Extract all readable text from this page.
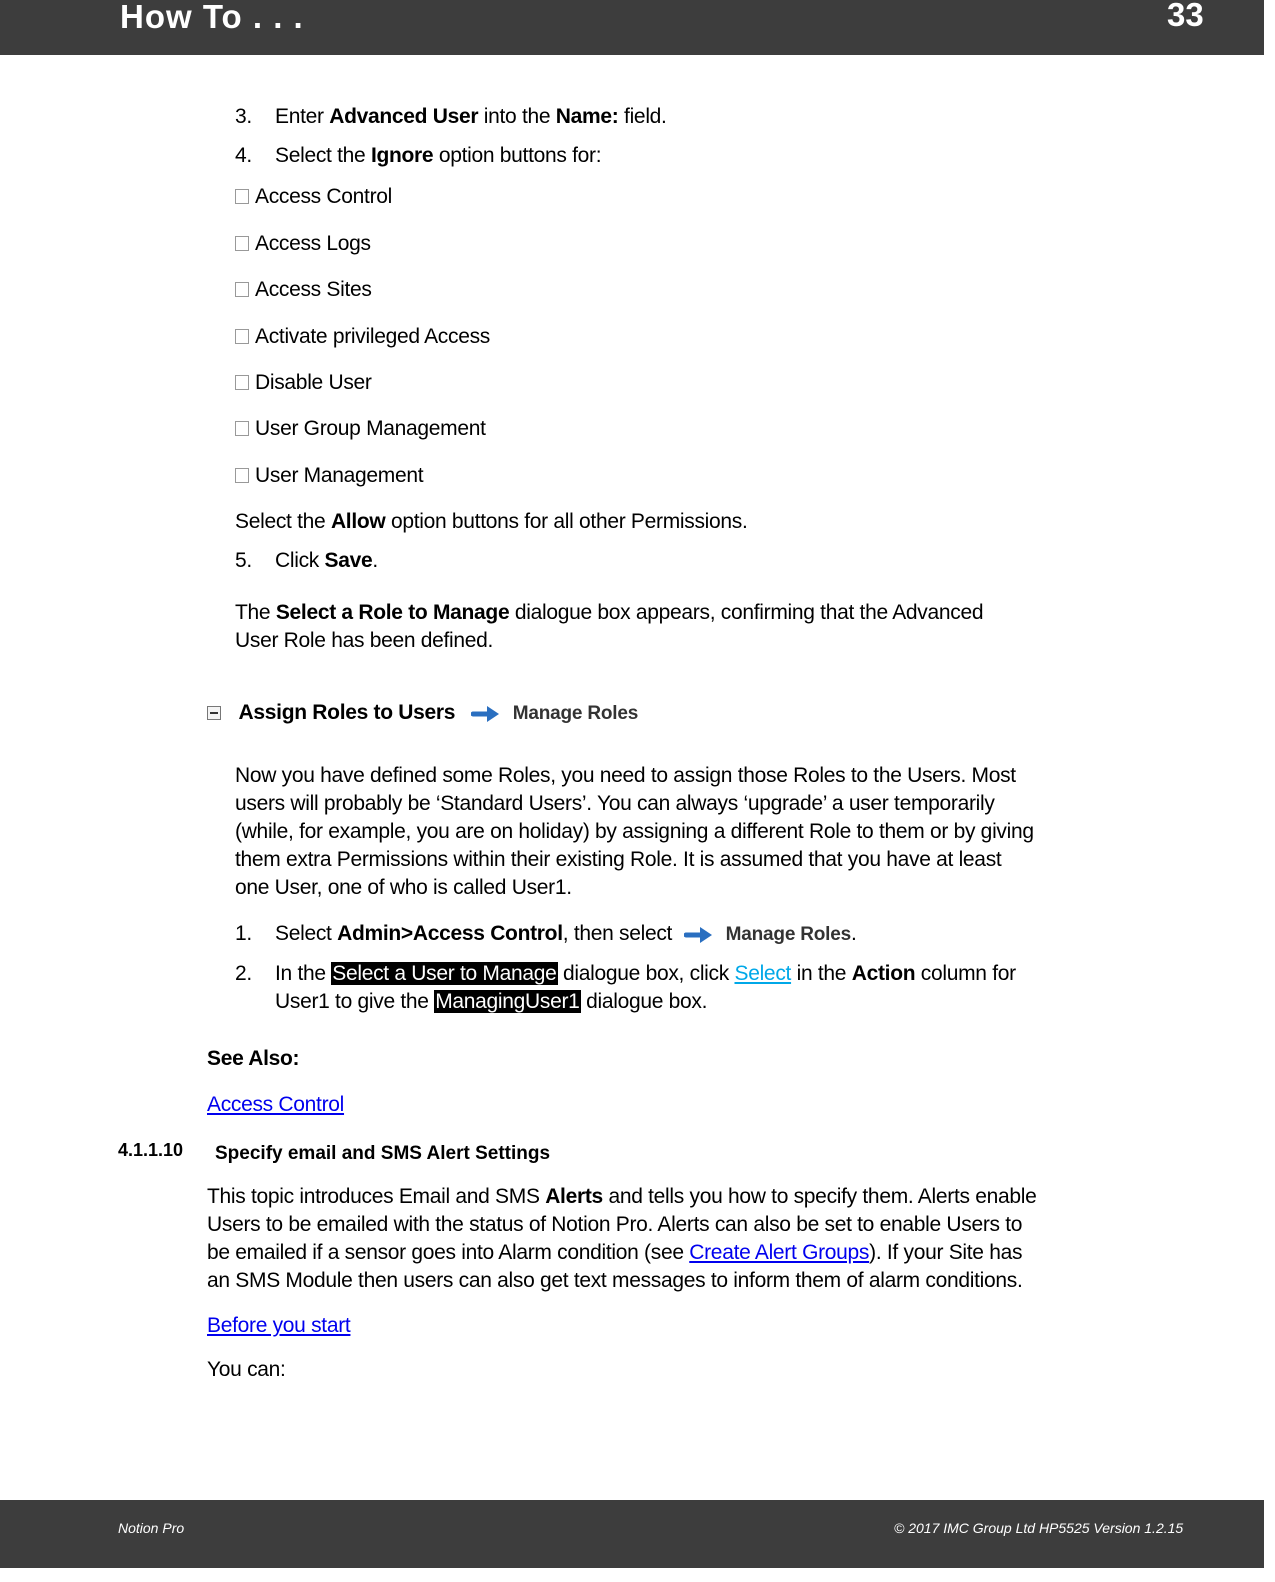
How To . . .	33
3. Enter Advanced User into the Name: field.
4. Select the Ignore option buttons for:
Access Control
Access Logs
Access Sites
Activate privileged Access
Disable User
User Group Management
User Management
Select the Allow option buttons for all other Permissions.
5. Click Save.
The Select a Role to Manage dialogue box appears, confirming that the Advanced
User Role has been defined.
Assign Roles to Users	Manage Roles
Now you have defined some Roles, you need to assign those Roles to the Users. Most
users will probably be ‘Standard Users’. You can always ‘upgrade’ a user temporarily
(while, for example, you are on holiday) by assigning a different Role to them or by giving
them extra Permissions within their existing Role. It is assumed that you have at least
one User, one of who is called User1.
1. Select Admin>Access Control, then select	Manage Roles.
2. In the Select a User to Manage dialogue box, click Select in the Action column for
User1 to give the ManagingUser1 dialogue box.
See Also:
Access Control
4.1.1.10 Specify email and SMS Alert Settings
This topic introduces Email and SMS Alerts and tells you how to specify them. Alerts enable
Users to be emailed with the status of Notion Pro. Alerts can also be set to enable Users to
be emailed if a sensor goes into Alarm condition (see Create Alert Groups). If your Site has
an SMS Module then users can also get text messages to inform them of alarm conditions.
Before you start
You can:
Notion Pro	© 2017 IMC Group Ltd HP5525 Version 1.2.15
